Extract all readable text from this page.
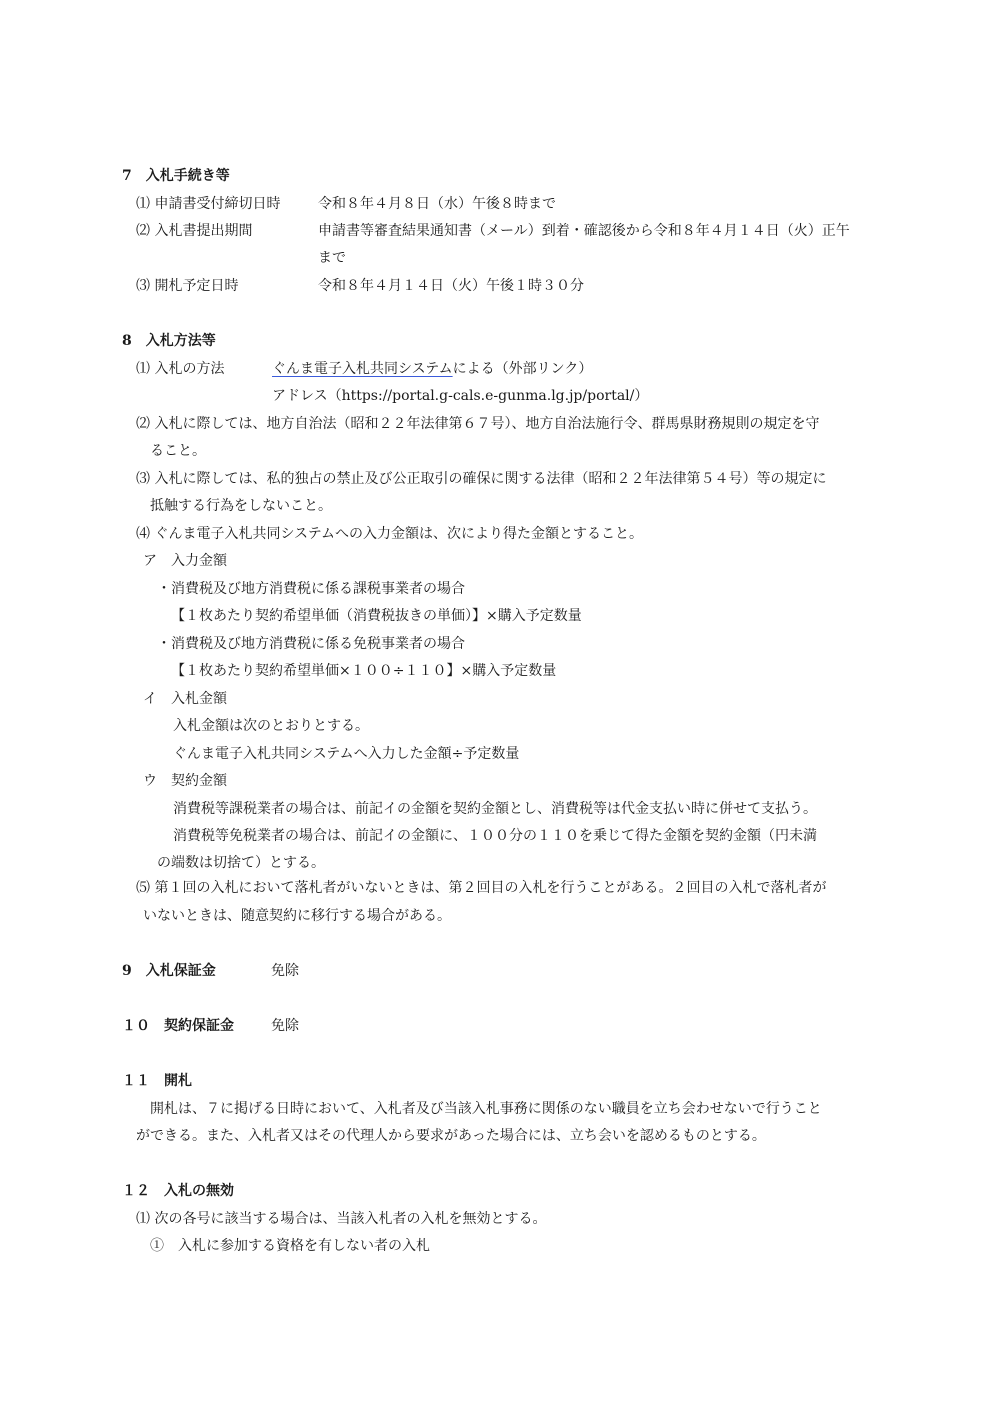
7　入札手続き等
⑴ 申請書受付締切日時	令和８年４月８日（水）午後８時まで
⑵ 入札書提出期間	申請書等審査結果通知書（メール）到着・確認後から令和８年４月１４日（火）正午
まで
⑶ 開札予定日時	令和８年４月１４日（火）午後１時３０分
8　入札方法等
⑴ 入札の方法	ぐんま電子入札共同システムによる（外部リンク）
アドレス（https://portal.g-cals.e-gunma.lg.jp/portal/）
⑵ 入札に際しては、地方自治法（昭和２２年法律第６７号）、地方自治法施行令、群馬県財務規則の規定を守
ること。
⑶ 入札に際しては、私的独占の禁止及び公正取引の確保に関する法律（昭和２２年法律第５４号）等の規定に
抵触する行為をしないこと。
⑷ ぐんま電子入札共同システムへの入力金額は、次により得た金額とすること。
ア　入力金額
・消費税及び地方消費税に係る課税事業者の場合
【１枚あたり契約希望単価（消費税抜きの単価）】×購入予定数量
・消費税及び地方消費税に係る免税事業者の場合
【１枚あたり契約希望単価×１００÷１１０】×購入予定数量
イ　入札金額
入札金額は次のとおりとする。
ぐんま電子入札共同システムへ入力した金額÷予定数量
ウ　契約金額
消費税等課税業者の場合は、前記イの金額を契約金額とし、消費税等は代金支払い時に併せて支払う。
消費税等免税業者の場合は、前記イの金額に、１００分の１１０を乗じて得た金額を契約金額（円未満
の端数は切捨て）とする。
⑸ 第１回の入札において落札者がいないときは、第２回目の入札を行うことがある。２回目の入札で落札者が
いないときは、随意契約に移行する場合がある。
9　入札保証金	免除
１０　契約保証金	免除
１１　開札
開札は、７に掲げる日時において、入札者及び当該入札事務に関係のない職員を立ち会わせないで行うこと
ができる。また、入札者又はその代理人から要求があった場合には、立ち会いを認めるものとする。
１２　入札の無効
⑴ 次の各号に該当する場合は、当該入札者の入札を無効とする。
①　入札に参加する資格を有しない者の入札
